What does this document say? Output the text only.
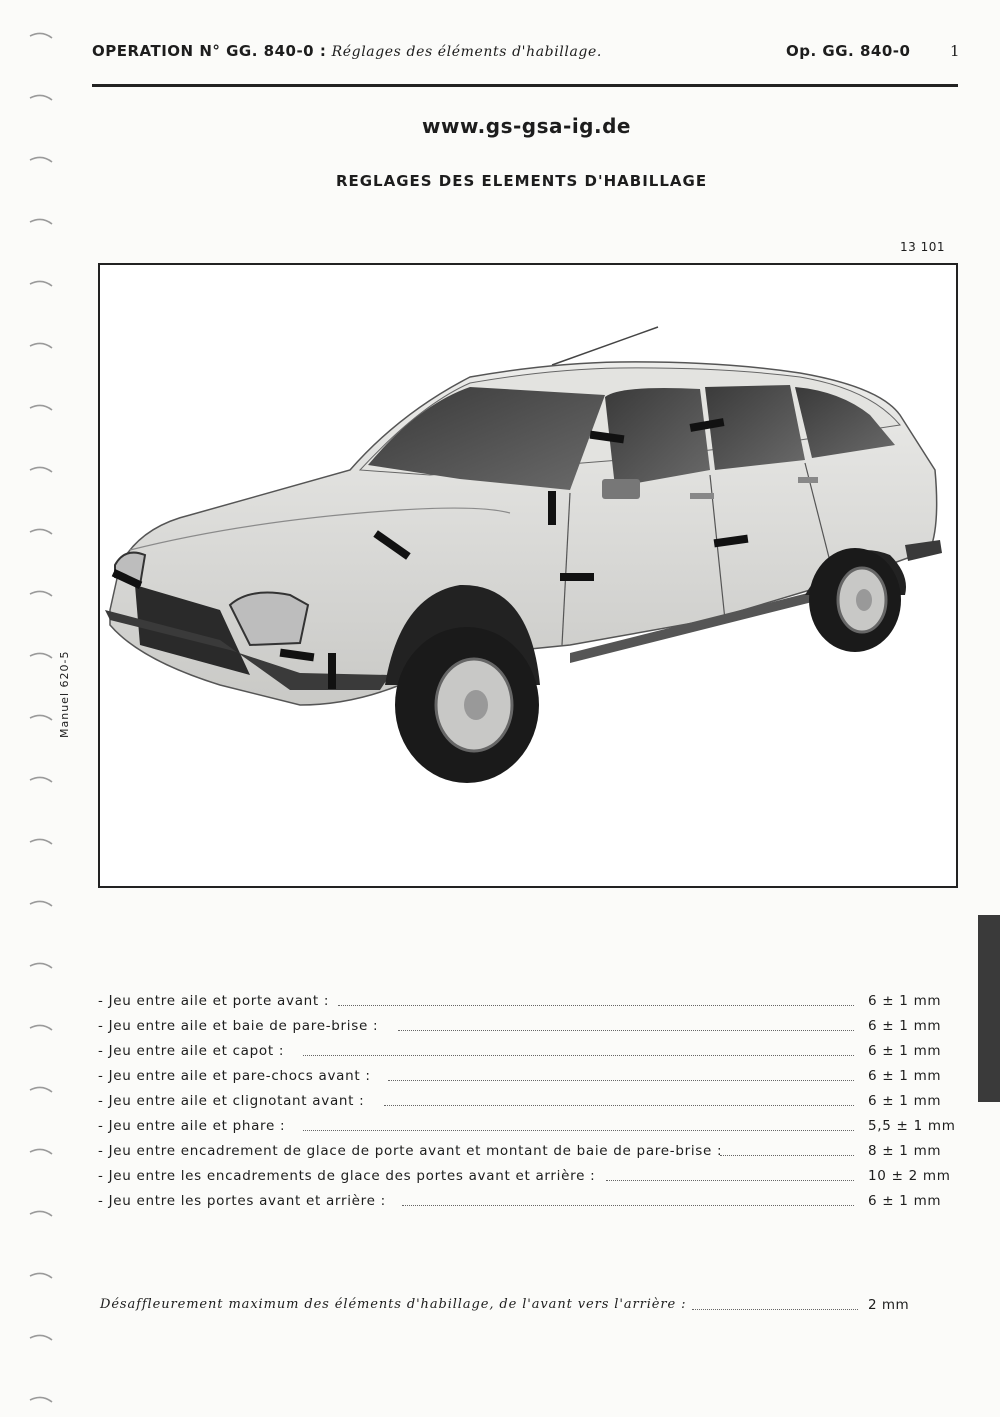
OPERATION N° GG. 840-0 : Réglages des éléments d'habillage.	Op. GG. 840-0	1
www.gs-gsa-ig.de
REGLAGES DES ELEMENTS D'HABILLAGE
13 101
Manuel 620-5
- Jeu entre aile et porte avant :	6 ± 1 mm
- Jeu entre aile et baie de pare-brise :	6 ± 1 mm
- Jeu entre aile et capot :	6 ± 1 mm
- Jeu entre aile et pare-chocs avant :	6 ± 1 mm
- Jeu entre aile et clignotant avant :	6 ± 1 mm
- Jeu entre aile et phare :	5,5 ± 1 mm
- Jeu entre encadrement de glace de porte avant et montant de baie de pare-brise :	8 ± 1 mm
- Jeu entre les encadrements de glace des portes avant et arrière :	10 ± 2 mm
- Jeu entre les portes avant et arrière :	6 ± 1 mm
Désaffleurement maximum des éléments d'habillage, de l'avant vers l'arrière :	2 mm
